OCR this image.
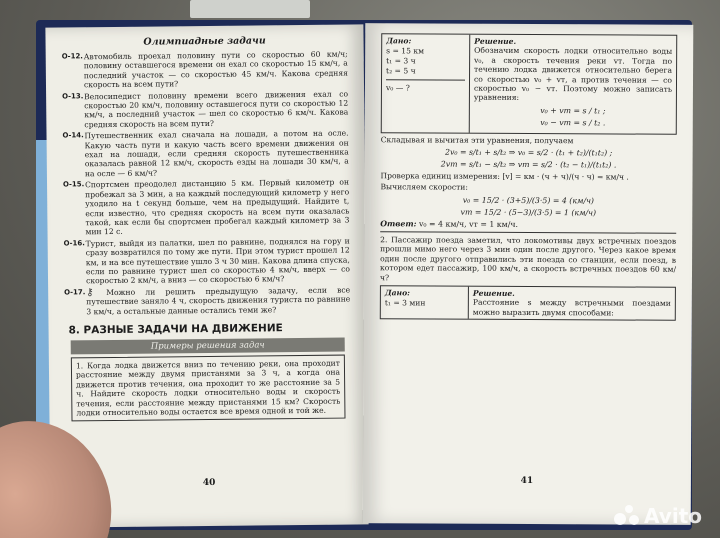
Олимпиадные задачи
О-12. Автомобиль проехал половину пути со скоростью 60 км/ч; половину оставшегося времени он ехал со скоростью 15 км/ч, а последний участок — со скоростью 45 км/ч. Какова средняя скорость на всем пути?
О-13. Велосипедист половину времени всего движения ехал со скоростью 20 км/ч, половину оставшегося пути со скоростью 12 км/ч, а последний участок — шел со скоростью 6 км/ч. Какова средняя скорость на всем пути?
О-14. Путешественник ехал сначала на лошади, а потом на осле. Какую часть пути и какую часть всего времени движения он ехал на лошади, если средняя скорость путешественника оказалась равной 12 км/ч, скорость езды на лошади 30 км/ч, а на осле — 6 км/ч?
О-15. Спортсмен преодолел дистанцию 5 км. Первый километр он пробежал за 3 мин, а на каждый последующий километр у него уходило на t секунд больше, чем на предыдущий. Найдите t, если известно, что средняя скорость на всем пути оказалась такой, как если бы спортсмен пробегал каждый километр за 3 мин 12 с.
О-16. Турист, выйдя из палатки, шел по равнине, поднялся на гору и сразу возвратился по тому же пути. При этом турист прошел 12 км, и на все путешествие ушло 3 ч 30 мин. Какова длина спуска, если по равнине турист шел со скоростью 4 км/ч, вверх — со скоростью 2 км/ч, а вниз — со скоростью 6 км/ч?
О-17. ⚷ Можно ли решить предыдущую задачу, если все путешествие заняло 4 ч, скорость движения туриста по равнине 3 км/ч, а остальные данные остались теми же?
8. РАЗНЫЕ ЗАДАЧИ НА ДВИЖЕНИЕ
Примеры решения задач
1. Когда лодка движется вниз по течению реки, она проходит расстояние между двумя пристанями за 3 ч, а когда она движется против течения, она проходит то же расстояние за 5 ч. Найдите скорость лодки относительно воды и скорость течения, если расстояние между пристанями 15 км? Скорость лодки относительно воды остается все время одной и той же.
40
Дано:
s = 15 км
t₁ = 3 ч
t₂ = 5 ч
v₀ — ?
Решение.
Обозначим скорость лодки относительно воды v₀, а скорость течения реки vт. Тогда по течению лодка движется относительно берега со скоростью v₀ + vт, а против течения — со скоростью v₀ − vт. Поэтому можно записать уравнения:
v₀ + vт = s / t₁ ;
v₀ − vт = s / t₂ .
Складывая и вычитая эти уравнения, получаем
2v₀ = s/t₁ + s/t₂ ⇒ v₀ = s/2 · (t₁ + t₂)/(t₁t₂) ;
2vт = s/t₁ − s/t₂ ⇒ vт = s/2 · (t₂ − t₁)/(t₁t₂) .
Проверка единиц измерения: [v] = км · (ч + ч)/(ч · ч) = км/ч .
Вычисляем скорости:
v₀ = 15/2 · (3+5)/(3·5) = 4 (км/ч)
vт = 15/2 · (5−3)/(3·5) = 1 (км/ч)
Ответ: v₀ = 4 км/ч, vт = 1 км/ч.
2. Пассажир поезда заметил, что локомотивы двух встречных поездов прошли мимо него через 3 мин один после другого. Через какое время один после другого отправились эти поезда со станции, если поезд, в котором едет пассажир, 100 км/ч, а скорость встречных поездов 60 км/ч?
Дано:
t₁ = 3 мин
Решение.
Расстояние s между встречными поездами можно выразить двумя способами:
41
Avito
